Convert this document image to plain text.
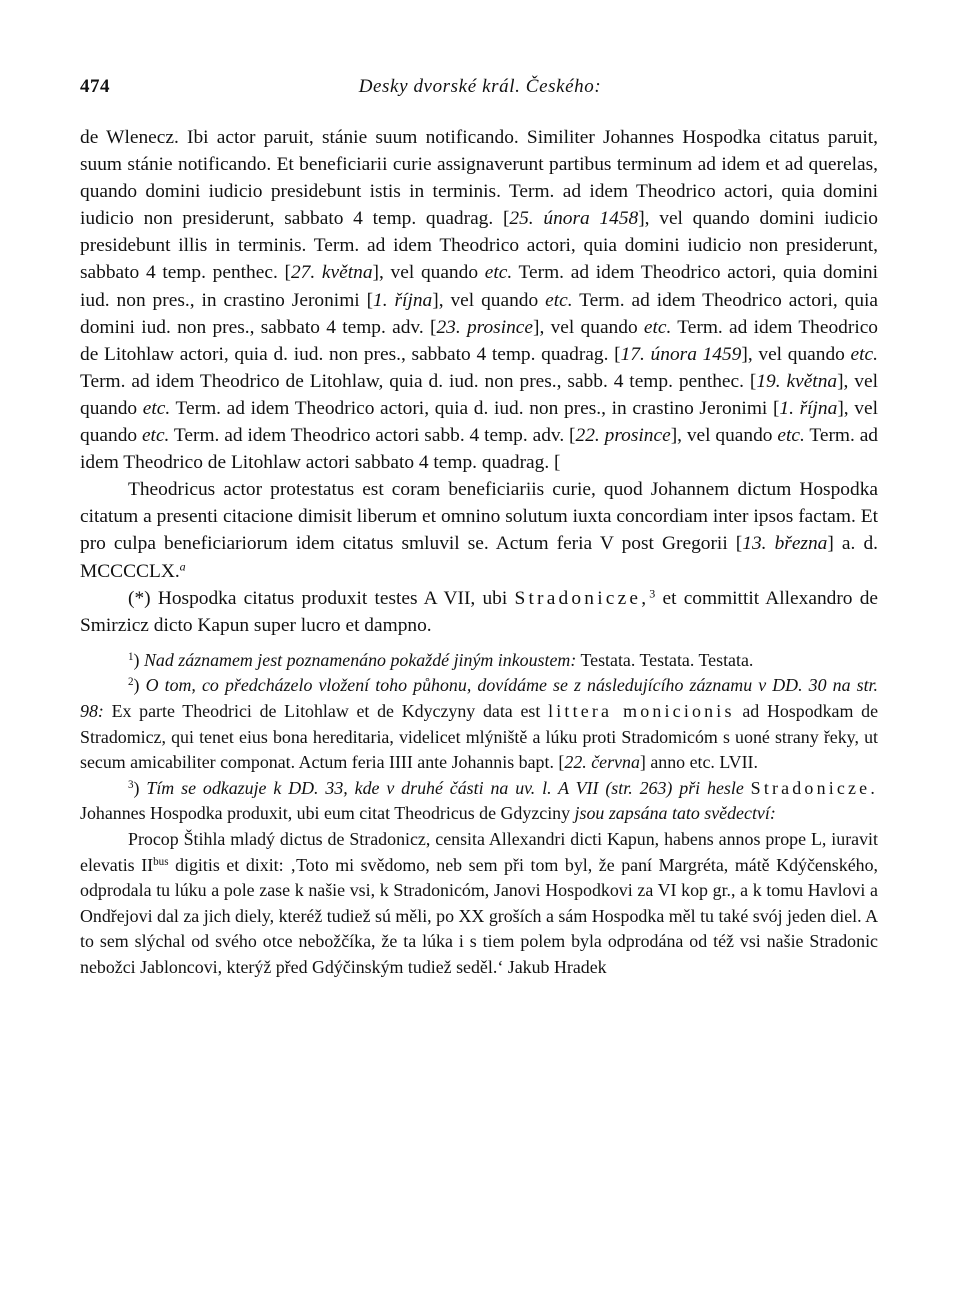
474	Desky dvorské král. Českého:

de Wlenecz. Ibi actor paruit, stánie suum notificando. Similiter Johannes Hospodka citatus paruit, suum stánie notificando. Et beneficiarii curie assignaverunt partibus terminum ad idem et ad querelas, quando domini iudicio presidebunt istis in terminis. Term. ad idem Theodrico actori, quia domini iudicio non presiderunt, sabbato 4 temp. quadrag. [25. února 1458], vel quando domini iudicio presidebunt illis in terminis. Term. ad idem Theodrico actori, quia domini iudicio non presiderunt, sabbato 4 temp. penthec. [27. května], vel quando etc. Term. ad idem Theodrico actori, quia domini iud. non pres., in crastino Jeronimi [1. října], vel quando etc. Term. ad idem Theodrico actori, quia domini iud. non pres., sabbato 4 temp. adv. [23. prosince], vel quando etc. Term. ad idem Theodrico de Litohlaw actori, quia d. iud. non pres., sabbato 4 temp. quadrag. [17. února 1459], vel quando etc. Term. ad idem Theodrico de Litohlaw, quia d. iud. non pres., sabb. 4 temp. penthec. [19. května], vel quando etc. Term. ad idem Theodrico actori, quia d. iud. non pres., in crastino Jeronimi [1. října], vel quando etc. Term. ad idem Theodrico actori sabb. 4 temp. adv. [22. prosince], vel quando etc. Term. ad idem Theodrico de Litohlaw actori sabbato 4 temp. quadrag. [

Theodricus actor protestatus est coram beneficiariis curie, quod Johannem dictum Hospodka citatum a presenti citacione dimisit liberum et omnino solutum iuxta concordiam inter ipsos factam. Et pro culpa beneficiariorum idem citatus smluvil se. Actum feria V post Gregorii [13. března] a. d. MCCCCLX.$^a$

(*) Hospodka citatus produxit testes A VII, ubi Stradonicze,$^3$ et committit Allexandro de Smirzicz dicto Kapun super lucro et dampno.

$^1$) Nad záznamem jest poznamenáno pokaždé jiným inkoustem: Testata. Testata. Testata.

$^2$) O tom, co předcházelo vložení toho půhonu, dovídáme se z následujícího záznamu v DD. 30 na str. 98: Ex parte Theodrici de Litohlaw et de Kdyczyny data est littera monicionis ad Hospodkam de Stradomicz, qui tenet eius bona hereditaria, videlicet mlýniště a lúku proti Stradomicóm s uoné strany řeky, ut secum amicabiliter componat. Actum feria IIII ante Johannis bapt. [22. června] anno etc. LVII.

$^3$) Tím se odkazuje k DD. 33, kde v druhé části na uv. l. A VII (str. 263) při hesle Stradonicze. Johannes Hospodka produxit, ubi eum citat Theodricus de Gdyzciny jsou zapsána tato svědectví:

Procop Štihla mladý dictus de Stradonicz, censita Allexandri dicti Kapun, habens annos prope L, iuravit elevatis $II^{bus}$ digitis et dixit: ‚Toto mi svědomo, neb sem při tom byl, že paní Margréta, mátě Kdýčenského, odprodala tu lúku a pole zase k našie vsi, k Stradonicóm, Janovi Hospodkovi za VI kop gr., a k tomu Havlovi a Ondřejovi dal za jich diely, kteréž tudiež sú měli, po XX groších a sám Hospodka měl tu také svój jeden diel. A to sem slýchal od svého otce nebožčíka, že ta lúka i s tiem polem byla odprodána od též vsi našie Stradonic nebožci Jabloncovi, kterýž před Gdýčinským tudiež seděl.‘ Jakub Hradek
